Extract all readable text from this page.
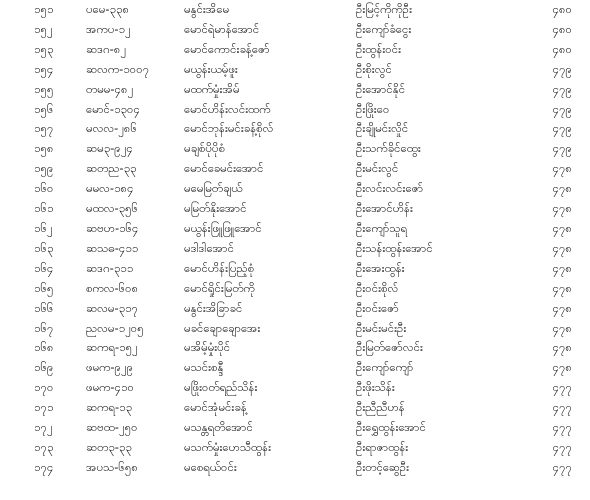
၁၅၁	ပမေ-၃၃၈	မနွင်းအိမေ	ဦးမြင့်ကိုကိုဦး	၄၈၀
၁၅၂	အကပ-၁၂	မောင်ရဲမာန်အောင်	ဦးကျော်ခံငွေး	၄၈၀
၁၅၃	ဆဒဂ-၈၂	မောင်ကောင်းခန့်ဇော်	ဦးထွန်းဝင်း	၄၈၀
၁၅၄	ဆလက-၁၀၀၇	မယွန်းယမ့်ဖူး	ဦးစိုးလွင်	၄၇၉
၁၅၅	တမမ-၄၈၂	မထက်မှုံးအိမ်	ဦးအောင်နိုင်	၄၇၉
၁၅၆	မောင်-၁၃၀၄	မောင်ဟိန်းလင်းထက်	ဦးဖြိုးဝေ	၄၇၉
၁၅၇	မလလ-၂၈၆	မောင်ဘုန်းမင်းခန့်စိုလ်	ဦးချိုမင်းလှိုင်	၄၇၉
၁၅၈	ဆမ၃-၉၂၄	မချစ်ပိုပိုစံ	ဦးသက်ခိုင်ထွေး	၄၇၉
၁၅၉	ဆတည-၃၃	မောင်ခေမင်းအောင်	ဦးမင်းလွင်	၄၇၈
၁၆၀	မမလ-၁၈၄	မမေမြတ်ချယ်	ဦးလင်းလင်းဇော်	၄၇၈
၁၆၁	မထလ-၃၅၆	မမြတ်နိုးအောင်	ဦးအောင်ဟိန်း	၄၇၈
၁၆၂	ဆဗဟ-၁၆၄	မယွန်းဖြူဖြူအောင်	ဦးကျော်သူရ	၄၇၈
၁၆၃	ဆသဓ-၄၁၁	မဒါဒါအောင်	ဦးသန်းထွန်းအောင်	၄၇၈
၁၆၄	ဆဒဂ-၃၁၁	မောင်ဟိန်းပြည့်စုံ	ဦးအေးထွန်း	၄၇၈
၁၆၅	စကလ-၆၀၈	မောင်ရှိုင်းမြတ်ကို	ဦးဝင်းစိုလ်	၄၇၈
၁၆၆	ဆလမ-၃၁၇	မနွင်းအိခြာခင်	ဦးဝင်းဇော်	၄၇၈
၁၆၇	ညလမ-၁၂၀၅	မခင်ချောချောအေး	ဦးမင်းမင်းဦး	၄၇၈
၁၆၈	ဆကရ-၁၅၂	မအိမ့်မှုံးပိုင်	ဦးမြတ်ဇော်လင်း	၄၇၈
၁၆၉	ဖမက-၉၂၉	မသင်းစန္ဒီ	ဦးကျော်ကျော်	၄၇၈
၁၇၀	ဖမက-၄၁၀	မဖြိုးဝတ်ရည်သိန်း	ဦးဖိုးသိန်း	၄၇၇
၁၇၁	ဆကရ-၁၃	မောင်အုံမင်းခန့်	ဦးညီညီဟန်	၄၇၇
၁၇၂	ဆဗထ-၂၅၀	မသန္တရတိအောင်	ဦးရွှေထွန်းအောင်	၄၇၇
၁၇၃	ဆတ၃-၃၃	မသက်မှုံးဟေသီထွန်း	ဦးရာဇာထွန်း	၄၇၇
၁၇၄	အပသ-၆၅၈	မစေရယ်ဝင်း	ဦးတင့်ဆွေဦး	၄၇၇
